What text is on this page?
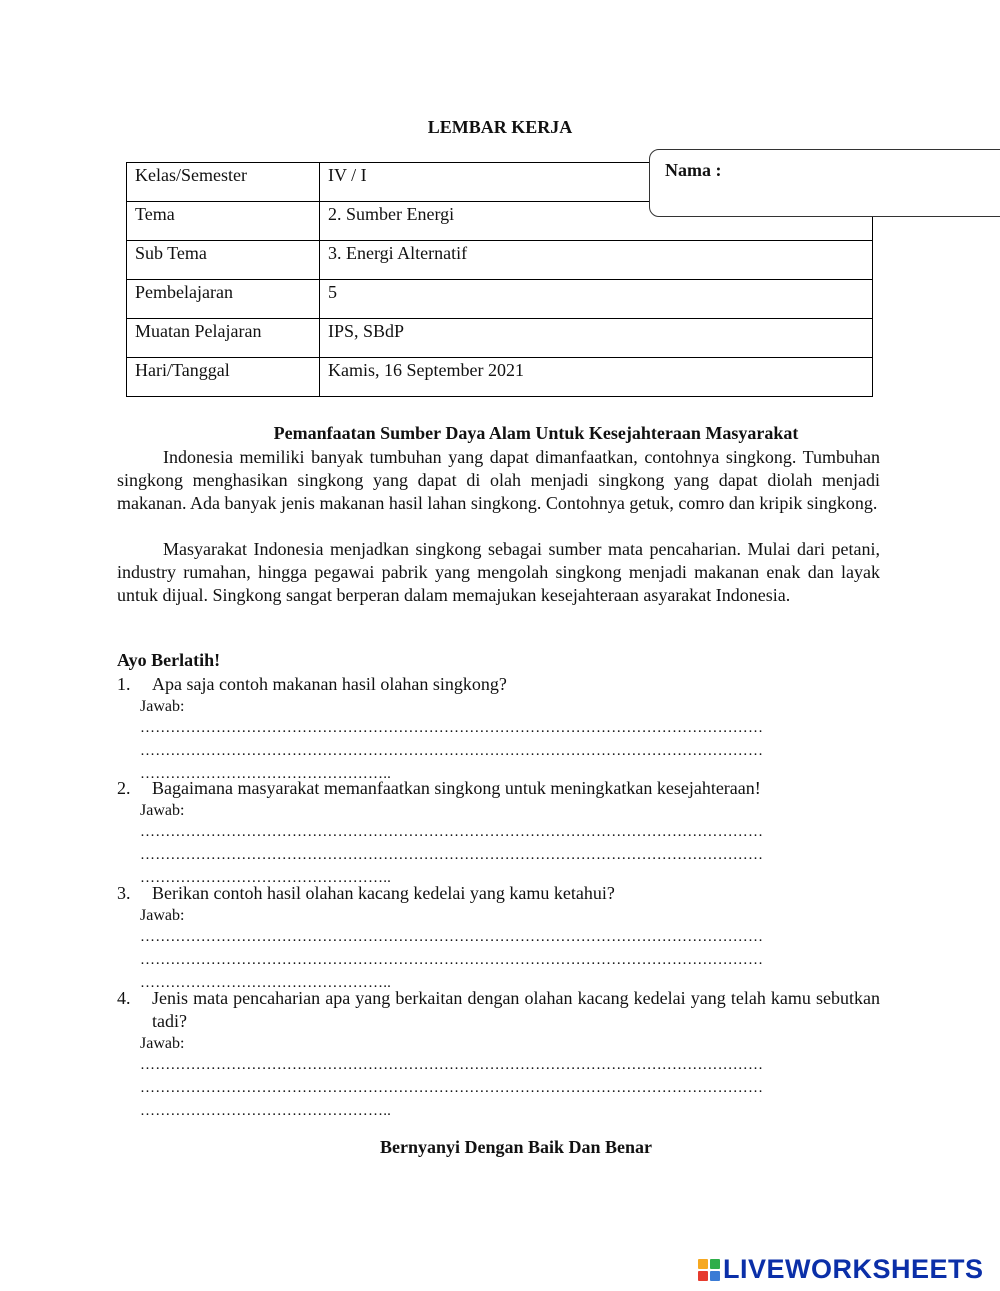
LEMBAR KERJA
Kelas/Semester	IV / I
Tema	2. Sumber Energi
Sub Tema	3. Energi Alternatif
Pembelajaran	5
Muatan Pelajaran	IPS, SBdP
Hari/Tanggal	Kamis, 16 September 2021
Nama :
Pemanfaatan Sumber Daya Alam Untuk Kesejahteraan Masyarakat
Indonesia memiliki banyak tumbuhan yang dapat dimanfaatkan, contohnya singkong. Tumbuhan singkong menghasikan singkong yang dapat di olah menjadi singkong yang dapat diolah menjadi makanan. Ada banyak jenis makanan hasil lahan singkong. Contohnya getuk, comro dan kripik singkong.
Masyarakat Indonesia menjadkan singkong sebagai sumber mata pencaharian. Mulai dari petani, industry rumahan, hingga pegawai pabrik yang mengolah singkong menjadi makanan enak dan layak untuk dijual. Singkong sangat berperan dalam memajukan kesejahteraan asyarakat Indonesia.
Ayo Berlatih!
1. Apa saja contoh makanan hasil olahan singkong?
Jawab:
……………………………………………………………………………………………………………
……………………………………………………………………………………………………………
…………………………………………..
2. Bagaimana masyarakat memanfaatkan singkong untuk meningkatkan kesejahteraan!
Jawab:
……………………………………………………………………………………………………………
……………………………………………………………………………………………………………
…………………………………………..
3. Berikan contoh hasil olahan kacang kedelai yang kamu ketahui?
Jawab:
……………………………………………………………………………………………………………
……………………………………………………………………………………………………………
…………………………………………..
4. Jenis mata pencaharian apa yang berkaitan dengan olahan kacang kedelai yang telah kamu sebutkan tadi?
Jawab:
……………………………………………………………………………………………………………
……………………………………………………………………………………………………………
…………………………………………..
Bernyanyi Dengan Baik Dan Benar
LIVEWORKSHEETS
